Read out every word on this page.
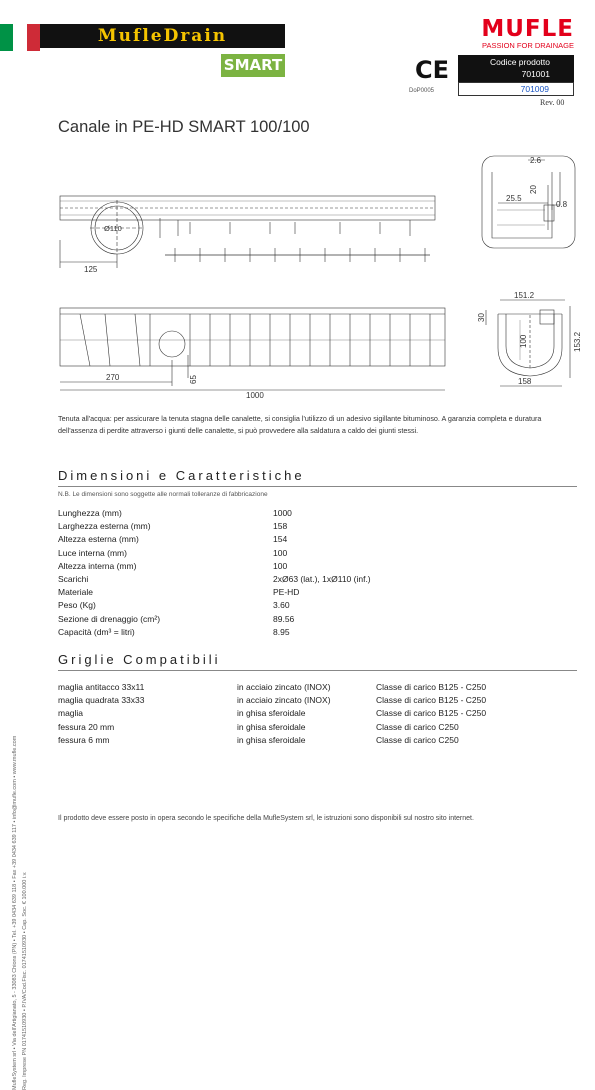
MufleDrain
SMART	CE
DoP0005
MUFLE
PASSION FOR DRAINAGE
Codice prodotto
701001
701009
Rev. 00
MufleSystem srl • Via dell'Artigianato, 5 - 33083 Chions (PN) • Tel. +39 0434 639 118 • Fax +39 0434 639 117 • info@mufle.com • www.mufle.com Reg. Imprese PN 01741510930 • P.IVA/Cod.Fisc. 01741510930 • Cap. Soc. € 100.000 i.v.
Canale in PE-HD SMART 100/100
Ø110
125
2.6
20
25.5
0.8
270	65
1000
151.2
30
100	153.2
158
Tenuta all'acqua: per assicurare la tenuta stagna delle canalette, si consiglia l'utilizzo di un adesivo sigillante bituminoso. A garanzia completa e duratura dell'assenza di perdite attraverso i giunti delle canalette, si può provvedere alla saldatura a caldo dei giunti stessi.
Dimensioni e Caratteristiche
N.B. Le dimensioni sono soggette alle normali tolleranze di fabbricazione
Lunghezza (mm)	1000
Larghezza esterna (mm)	158
Altezza esterna (mm)	154
Luce interna (mm)	100
Altezza interna (mm)	100
Scarichi	2xØ63 (lat.), 1xØ110 (inf.)
Materiale	PE-HD
Peso (Kg)	3.60
Sezione di drenaggio (cm²)	89.56
Capacità (dm³ = litri)	8.95
Griglie Compatibili
maglia antitacco 33x11	in acciaio zincato (INOX)	Classe di carico B125 - C250
maglia quadrata 33x33	in acciaio zincato (INOX)	Classe di carico B125 - C250
maglia	in ghisa sferoidale	Classe di carico B125 - C250
fessura 20 mm	in ghisa sferoidale	Classe di carico C250
fessura 6 mm	in ghisa sferoidale	Classe di carico C250
Il prodotto deve essere posto in opera secondo le specifiche della MufleSystem srl, le istruzioni sono disponibili sul nostro sito internet.
